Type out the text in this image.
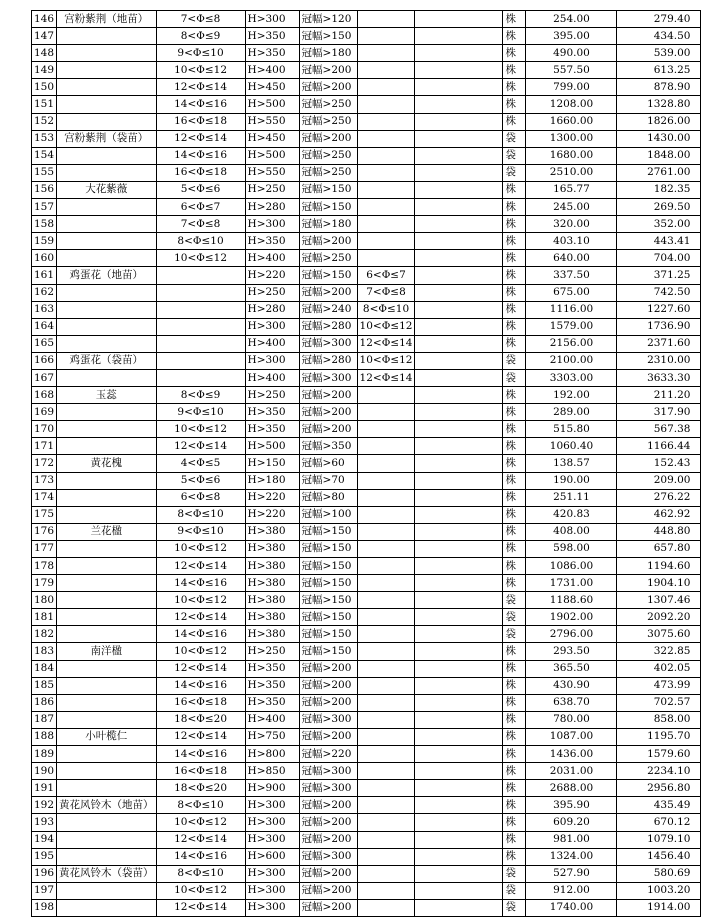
146	宫粉紫荆（地苗）	7<Φ≤8	H>300	冠幅>120			株	254.00	279.40
147		8<Φ≤9	H>350	冠幅>150			株	395.00	434.50
148		9<Φ≤10	H>350	冠幅>180			株	490.00	539.00
149		10<Φ≤12	H>400	冠幅>200			株	557.50	613.25
150		12<Φ≤14	H>450	冠幅>200			株	799.00	878.90
151		14<Φ≤16	H>500	冠幅>250			株	1208.00	1328.80
152		16<Φ≤18	H>550	冠幅>250			株	1660.00	1826.00
153	宫粉紫荆（袋苗）	12<Φ≤14	H>450	冠幅>200			袋	1300.00	1430.00
154		14<Φ≤16	H>500	冠幅>250			袋	1680.00	1848.00
155		16<Φ≤18	H>550	冠幅>250			袋	2510.00	2761.00
156	大花紫薇	5<Φ≤6	H>250	冠幅>150			株	165.77	182.35
157		6<Φ≤7	H>280	冠幅>150			株	245.00	269.50
158		7<Φ≤8	H>300	冠幅>180			株	320.00	352.00
159		8<Φ≤10	H>350	冠幅>200			株	403.10	443.41
160		10<Φ≤12	H>400	冠幅>250			株	640.00	704.00
161	鸡蛋花（地苗）		H>220	冠幅>150	6<Φ≤7		株	337.50	371.25
162			H>250	冠幅>200	7<Φ≤8		株	675.00	742.50
163			H>280	冠幅>240	8<Φ≤10		株	1116.00	1227.60
164			H>300	冠幅>280	10<Φ≤12		株	1579.00	1736.90
165			H>400	冠幅>300	12<Φ≤14		株	2156.00	2371.60
166	鸡蛋花（袋苗）		H>300	冠幅>280	10<Φ≤12		袋	2100.00	2310.00
167			H>400	冠幅>300	12<Φ≤14		袋	3303.00	3633.30
168	玉蕊	8<Φ≤9	H>250	冠幅>200			株	192.00	211.20
169		9<Φ≤10	H>350	冠幅>200			株	289.00	317.90
170		10<Φ≤12	H>350	冠幅>200			株	515.80	567.38
171		12<Φ≤14	H>500	冠幅>350			株	1060.40	1166.44
172	黄花槐	4<Φ≤5	H>150	冠幅>60			株	138.57	152.43
173		5<Φ≤6	H>180	冠幅>70			株	190.00	209.00
174		6<Φ≤8	H>220	冠幅>80			株	251.11	276.22
175		8<Φ≤10	H>220	冠幅>100			株	420.83	462.92
176	兰花楹	9<Φ≤10	H>380	冠幅>150			株	408.00	448.80
177		10<Φ≤12	H>380	冠幅>150			株	598.00	657.80
178		12<Φ≤14	H>380	冠幅>150			株	1086.00	1194.60
179		14<Φ≤16	H>380	冠幅>150			株	1731.00	1904.10
180		10<Φ≤12	H>380	冠幅>150			袋	1188.60	1307.46
181		12<Φ≤14	H>380	冠幅>150			袋	1902.00	2092.20
182		14<Φ≤16	H>380	冠幅>150			袋	2796.00	3075.60
183	南洋楹	10<Φ≤12	H>250	冠幅>150			株	293.50	322.85
184		12<Φ≤14	H>350	冠幅>200			株	365.50	402.05
185		14<Φ≤16	H>350	冠幅>200			株	430.90	473.99
186		16<Φ≤18	H>350	冠幅>200			株	638.70	702.57
187		18<Φ≤20	H>400	冠幅>300			株	780.00	858.00
188	小叶榄仁	12<Φ≤14	H>750	冠幅>200			株	1087.00	1195.70
189		14<Φ≤16	H>800	冠幅>220			株	1436.00	1579.60
190		16<Φ≤18	H>850	冠幅>300			株	2031.00	2234.10
191		18<Φ≤20	H>900	冠幅>300			株	2688.00	2956.80
192	黄花风铃木（地苗）	8<Φ≤10	H>300	冠幅>200			株	395.90	435.49
193		10<Φ≤12	H>300	冠幅>200			株	609.20	670.12
194		12<Φ≤14	H>300	冠幅>200			株	981.00	1079.10
195		14<Φ≤16	H>600	冠幅>300			株	1324.00	1456.40
196	黄花风铃木（袋苗）	8<Φ≤10	H>300	冠幅>200			袋	527.90	580.69
197		10<Φ≤12	H>300	冠幅>200			袋	912.00	1003.20
198		12<Φ≤14	H>300	冠幅>200			袋	1740.00	1914.00
